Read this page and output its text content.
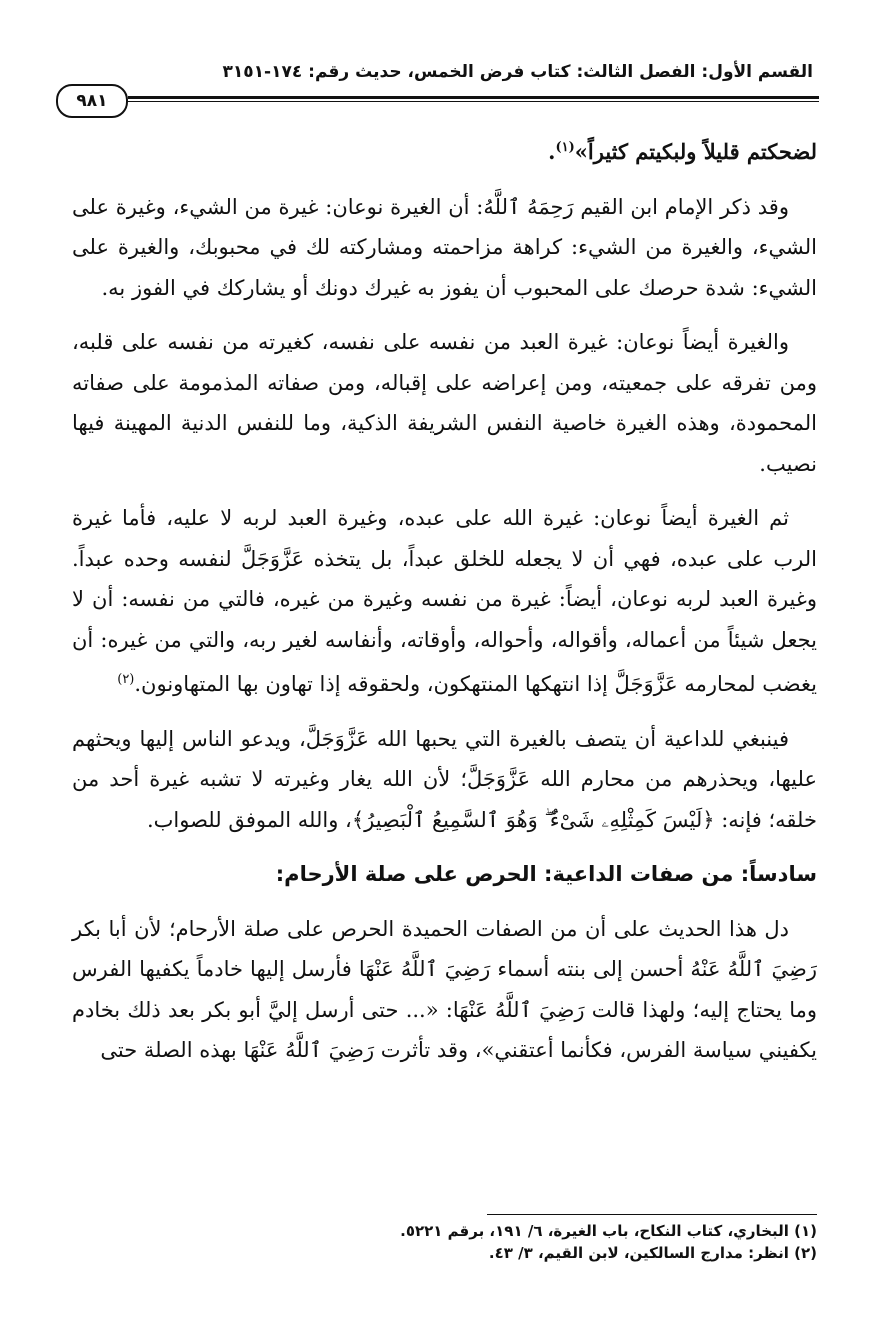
القسم الأول: الفصل الثالث: كتاب فرض الخمس، حديث رقم: ١٧٤-٣١٥١
٩٨١

لضحكتم قليلاً ولبكيتم كثيراً»$^{(١)}$.

وقد ذكر الإمام ابن القيم رَحِمَهُ ٱللَّهُ: أن الغيرة نوعان: غيرة من الشيء، وغيرة على الشيء، والغيرة من الشيء: كراهة مزاحمته ومشاركته لك في محبوبك، والغيرة على الشيء: شدة حرصك على المحبوب أن يفوز به غيرك دونك أو يشاركك في الفوز به.

والغيرة أيضاً نوعان: غيرة العبد من نفسه على نفسه، كغيرته من نفسه على قلبه، ومن تفرقه على جمعيته، ومن إعراضه على إقباله، ومن صفاته المذمومة على صفاته المحمودة، وهذه الغيرة خاصية النفس الشريفة الذكية، وما للنفس الدنية المهينة فيها نصيب.

ثم الغيرة أيضاً نوعان: غيرة الله على عبده، وغيرة العبد لربه لا عليه، فأما غيرة الرب على عبده، فهي أن لا يجعله للخلق عبداً، بل يتخذه عَزَّوَجَلَّ لنفسه وحده عبداً. وغيرة العبد لربه نوعان، أيضاً: غيرة من نفسه وغيرة من غيره، فالتي من نفسه: أن لا يجعل شيئاً من أعماله، وأقواله، وأحواله، وأوقاته، وأنفاسه لغير ربه، والتي من غيره: أن يغضب لمحارمه عَزَّوَجَلَّ إذا انتهكها المنتهكون، ولحقوقه إذا تهاون بها المتهاونون.$^{(٢)}$

فينبغي للداعية أن يتصف بالغيرة التي يحبها الله عَزَّوَجَلَّ، ويدعو الناس إليها ويحثهم عليها، ويحذرهم من محارم الله عَزَّوَجَلَّ؛ لأن الله يغار وغيرته لا تشبه غيرة أحد من خلقه؛ فإنه: ﴿لَيْسَ كَمِثْلِهِۦ شَىْءٌ ۖ وَهُوَ ٱلسَّمِيعُ ٱلْبَصِيرُ﴾، والله الموفق للصواب.

سادساً: من صفات الداعية: الحرص على صلة الأرحام:

دل هذا الحديث على أن من الصفات الحميدة الحرص على صلة الأرحام؛ لأن أبا بكر رَضِيَ ٱللَّهُ عَنْهُ أحسن إلى بنته أسماء رَضِيَ ٱللَّهُ عَنْهَا فأرسل إليها خادماً يكفيها الفرس وما يحتاج إليه؛ ولهذا قالت رَضِيَ ٱللَّهُ عَنْهَا: «... حتى أرسل إليَّ أبو بكر بعد ذلك بخادم يكفيني سياسة الفرس، فكأنما أعتقني»، وقد تأثرت رَضِيَ ٱللَّهُ عَنْهَا بهذه الصلة حتى

(١) البخاري، كتاب النكاح، باب الغيرة، ٦/ ١٩١، برقم ٥٢٢١.
(٢) انظر: مدارج السالكين، لابن القيم، ٣/ ٤٣.
